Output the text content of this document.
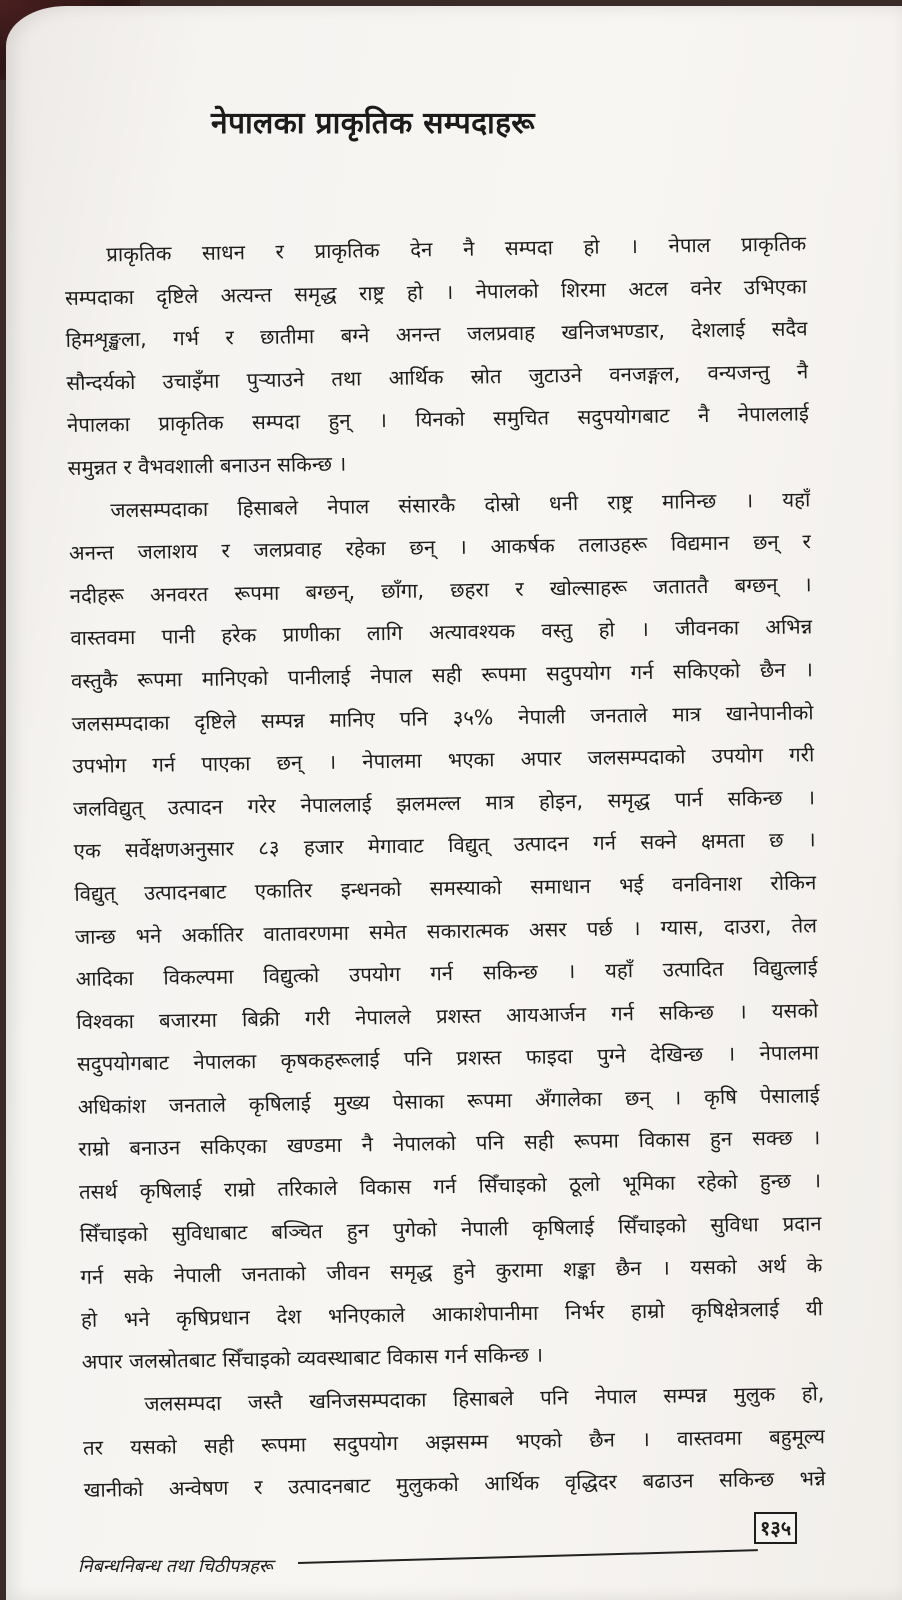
नेपालका प्राकृतिक सम्पदाहरू
प्राकृतिक साधन र प्राकृतिक देन नै सम्पदा हो । नेपाल प्राकृतिक
सम्पदाका दृष्टिले अत्यन्त समृद्ध राष्ट्र हो । नेपालको शिरमा अटल वनेर उभिएका
हिमशृङ्खला, गर्भ र छातीमा बग्ने अनन्त जलप्रवाह खनिजभण्डार, देशलाई सदैव
सौन्दर्यको उचाइँमा पुऱ्याउने तथा आर्थिक स्रोत जुटाउने वनजङ्गल, वन्यजन्तु नै
नेपालका प्राकृतिक सम्पदा हुन् । यिनको समुचित सदुपयोगबाट नै नेपाललाई
समुन्नत र वैभवशाली बनाउन सकिन्छ ।
जलसम्पदाका हिसाबले नेपाल संसारकै दोस्रो धनी राष्ट्र मानिन्छ । यहाँ
अनन्त जलाशय र जलप्रवाह रहेका छन् । आकर्षक तलाउहरू विद्यमान छन् र
नदीहरू अनवरत रूपमा बग्छन्, छाँगा, छहरा र खोल्साहरू जताततै बग्छन् ।
वास्तवमा पानी हरेक प्राणीका लागि अत्यावश्यक वस्तु हो । जीवनका अभिन्न
वस्तुकै रूपमा मानिएको पानीलाई नेपाल सही रूपमा सदुपयोग गर्न सकिएको छैन ।
जलसम्पदाका दृष्टिले सम्पन्न मानिए पनि ३५% नेपाली जनताले मात्र खानेपानीको
उपभोग गर्न पाएका छन् । नेपालमा भएका अपार जलसम्पदाको उपयोग गरी
जलविद्युत् उत्पादन गरेर नेपाललाई झलमल्ल मात्र होइन, समृद्ध पार्न सकिन्छ ।
एक सर्वेक्षणअनुसार ८३ हजार मेगावाट विद्युत् उत्पादन गर्न सक्ने क्षमता छ ।
विद्युत् उत्पादनबाट एकातिर इन्धनको समस्याको समाधान भई वनविनाश रोकिन
जान्छ भने अर्कातिर वातावरणमा समेत सकारात्मक असर पर्छ । ग्यास, दाउरा, तेल
आदिका विकल्पमा विद्युत्को उपयोग गर्न सकिन्छ । यहाँ उत्पादित विद्युत्लाई
विश्वका बजारमा बिक्री गरी नेपालले प्रशस्त आयआर्जन गर्न सकिन्छ । यसको
सदुपयोगबाट नेपालका कृषकहरूलाई पनि प्रशस्त फाइदा पुग्ने देखिन्छ । नेपालमा
अधिकांश जनताले कृषिलाई मुख्य पेसाका रूपमा अँगालेका छन् । कृषि पेसालाई
राम्रो बनाउन सकिएका खण्डमा नै नेपालको पनि सही रूपमा विकास हुन सक्छ ।
तसर्थ कृषिलाई राम्रो तरिकाले विकास गर्न सिँचाइको ठूलो भूमिका रहेको हुन्छ ।
सिँचाइको सुविधाबाट बञ्चित हुन पुगेको नेपाली कृषिलाई सिँचाइको सुविधा प्रदान
गर्न सके नेपाली जनताको जीवन समृद्ध हुने कुरामा शङ्का छैन । यसको अर्थ के
हो भने कृषिप्रधान देश भनिएकाले आकाशेपानीमा निर्भर हाम्रो कृषिक्षेत्रलाई यी
अपार जलस्रोतबाट सिँचाइको व्यवस्थाबाट विकास गर्न सकिन्छ ।
जलसम्पदा जस्तै खनिजसम्पदाका हिसाबले पनि नेपाल सम्पन्न मुलुक हो,
तर यसको सही रूपमा सदुपयोग अझसम्म भएको छैन । वास्तवमा बहुमूल्य
खानीको अन्वेषण र उत्पादनबाट मुलुकको आर्थिक वृद्धिदर बढाउन सकिन्छ भन्ने
१३५
निबन्धनिबन्ध तथा चिठीपत्रहरू
